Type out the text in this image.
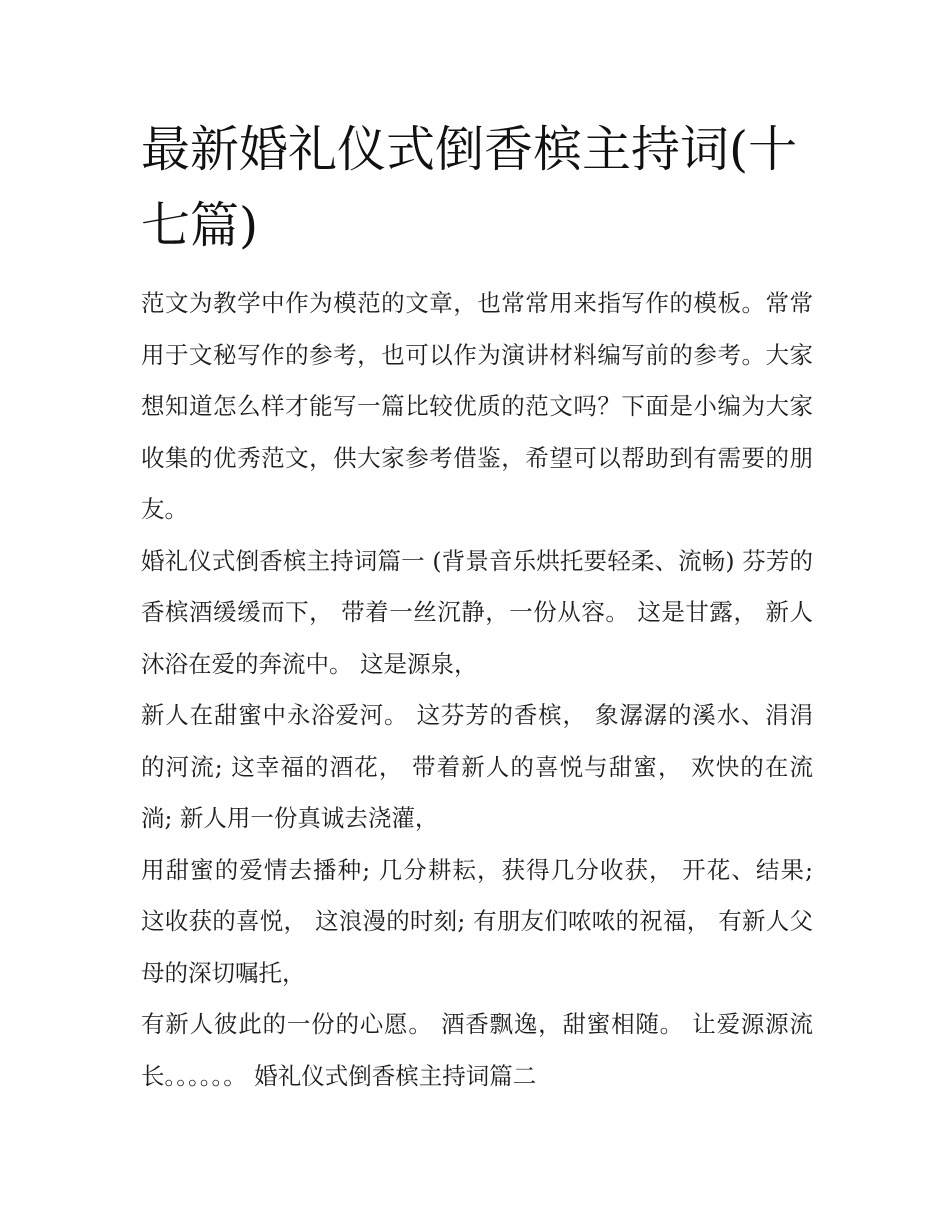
最新婚礼仪式倒香槟主持词(十七篇)

范文为教学中作为模范的文章，也常常用来指写作的模板。常常用于文秘写作的参考，也可以作为演讲材料编写前的参考。大家想知道怎么样才能写一篇比较优质的范文吗？下面是小编为大家收集的优秀范文，供大家参考借鉴，希望可以帮助到有需要的朋友。

婚礼仪式倒香槟主持词篇一 (背景音乐烘托要轻柔、流畅) 芬芳的香槟酒缓缓而下， 带着一丝沉静，一份从容。 这是甘露， 新人沐浴在爱的奔流中。 这是源泉，

新人在甜蜜中永浴爱河。 这芬芳的香槟， 象潺潺的溪水、涓涓的河流; 这幸福的酒花， 带着新人的喜悦与甜蜜， 欢快的在流淌; 新人用一份真诚去浇灌，

用甜蜜的爱情去播种; 几分耕耘，获得几分收获， 开花、结果; 这收获的喜悦， 这浪漫的时刻; 有朋友们哝哝的祝福， 有新人父母的深切嘱托，

有新人彼此的一份的心愿。 酒香飘逸，甜蜜相随。 让爱源源流长。。。。。。 婚礼仪式倒香槟主持词篇二
